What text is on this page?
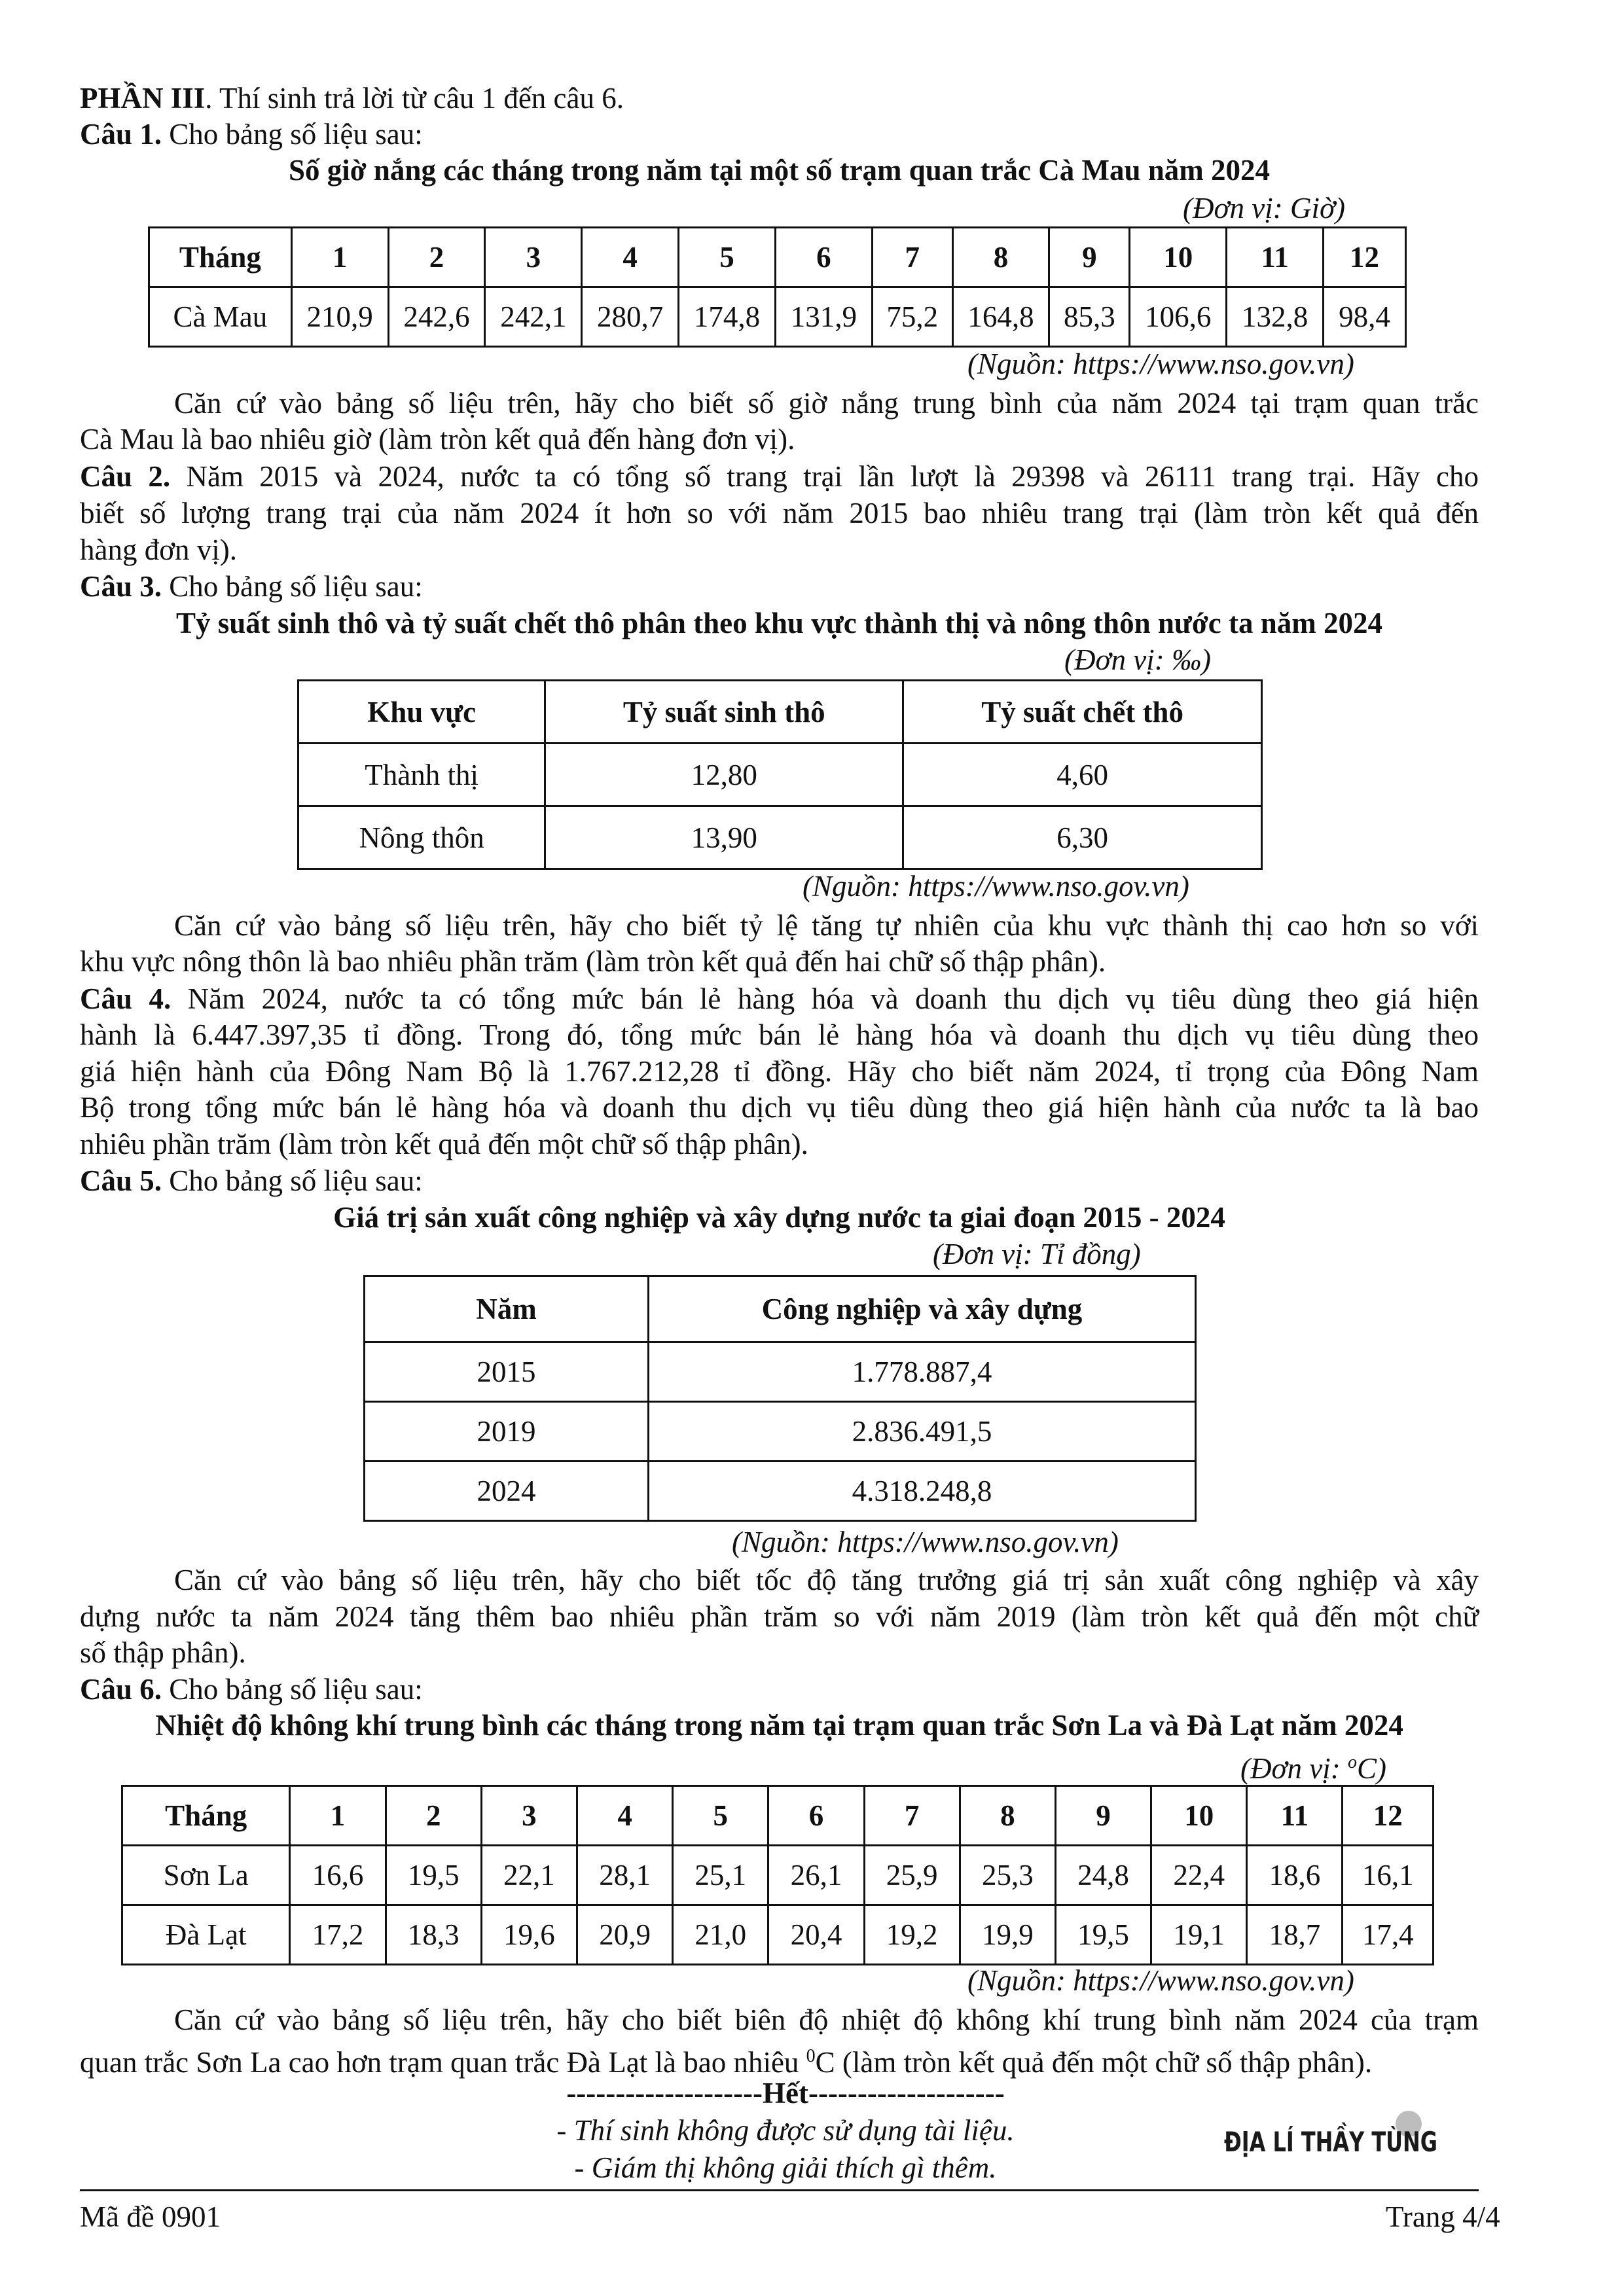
PHẦN III. Thí sinh trả lời từ câu 1 đến câu 6.
Câu 1. Cho bảng số liệu sau:
Số giờ nắng các tháng trong năm tại một số trạm quan trắc Cà Mau năm 2024
(Đơn vị: Giờ)
Tháng	1	2	3	4	5	6	7	8	9	10	11	12
Cà Mau	210,9	242,6	242,1	280,7	174,8	131,9	75,2	164,8	85,3	106,6	132,8	98,4
(Nguồn: https://www.nso.gov.vn)
Căn cứ vào bảng số liệu trên, hãy cho biết số giờ nắng trung bình của năm 2024 tại trạm quan trắc
Cà Mau là bao nhiêu giờ (làm tròn kết quả đến hàng đơn vị).
Câu 2. Năm 2015 và 2024, nước ta có tổng số trang trại lần lượt là 29398 và 26111 trang trại. Hãy cho
biết số lượng trang trại của năm 2024 ít hơn so với năm 2015 bao nhiêu trang trại (làm tròn kết quả đến
hàng đơn vị).
Câu 3. Cho bảng số liệu sau:
Tỷ suất sinh thô và tỷ suất chết thô phân theo khu vực thành thị và nông thôn nước ta năm 2024
(Đơn vị: ‰)
Khu vực	Tỷ suất sinh thô	Tỷ suất chết thô
Thành thị	12,80	4,60
Nông thôn	13,90	6,30
(Nguồn: https://www.nso.gov.vn)
Căn cứ vào bảng số liệu trên, hãy cho biết tỷ lệ tăng tự nhiên của khu vực thành thị cao hơn so với
khu vực nông thôn là bao nhiêu phần trăm (làm tròn kết quả đến hai chữ số thập phân).
Câu 4. Năm 2024, nước ta có tổng mức bán lẻ hàng hóa và doanh thu dịch vụ tiêu dùng theo giá hiện
hành là 6.447.397,35 tỉ đồng. Trong đó, tổng mức bán lẻ hàng hóa và doanh thu dịch vụ tiêu dùng theo
giá hiện hành của Đông Nam Bộ là 1.767.212,28 tỉ đồng. Hãy cho biết năm 2024, tỉ trọng của Đông Nam
Bộ trong tổng mức bán lẻ hàng hóa và doanh thu dịch vụ tiêu dùng theo giá hiện hành của nước ta là bao
nhiêu phần trăm (làm tròn kết quả đến một chữ số thập phân).
Câu 5. Cho bảng số liệu sau:
Giá trị sản xuất công nghiệp và xây dựng nước ta giai đoạn 2015 - 2024
(Đơn vị: Tỉ đồng)
Năm	Công nghiệp và xây dựng
2015	1.778.887,4
2019	2.836.491,5
2024	4.318.248,8
(Nguồn: https://www.nso.gov.vn)
Căn cứ vào bảng số liệu trên, hãy cho biết tốc độ tăng trưởng giá trị sản xuất công nghiệp và xây
dựng nước ta năm 2024 tăng thêm bao nhiêu phần trăm so với năm 2019 (làm tròn kết quả đến một chữ
số thập phân).
Câu 6. Cho bảng số liệu sau:
Nhiệt độ không khí trung bình các tháng trong năm tại trạm quan trắc Sơn La và Đà Lạt năm 2024
(Đơn vị: $^o$C)
Tháng	1	2	3	4	5	6	7	8	9	10	11	12
Sơn La	16,6	19,5	22,1	28,1	25,1	26,1	25,9	25,3	24,8	22,4	18,6	16,1
Đà Lạt	17,2	18,3	19,6	20,9	21,0	20,4	19,2	19,9	19,5	19,1	18,7	17,4
(Nguồn: https://www.nso.gov.vn)
Căn cứ vào bảng số liệu trên, hãy cho biết biên độ nhiệt độ không khí trung bình năm 2024 của trạm
quan trắc Sơn La cao hơn trạm quan trắc Đà Lạt là bao nhiêu $^0$C (làm tròn kết quả đến một chữ số thập phân).
--------------------Hết--------------------
- Thí sinh không được sử dụng tài liệu.
- Giám thị không giải thích gì thêm.
ĐỊA LÍ THẦY TÙNG
Mã đề 0901	Trang 4/4
